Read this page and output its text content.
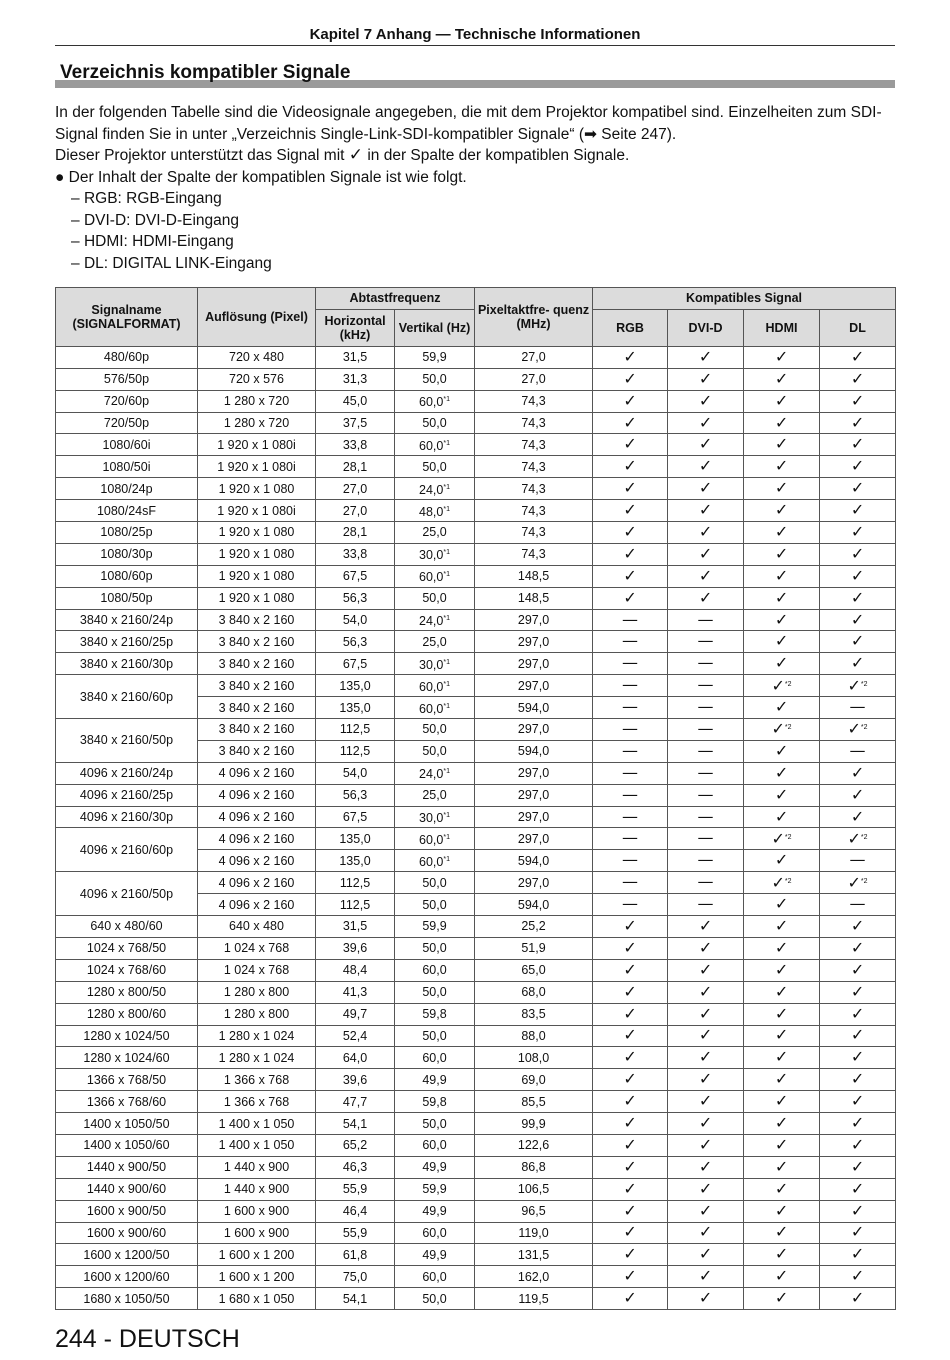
Kapitel 7 Anhang — Technische Informationen
Verzeichnis kompatibler Signale

In der folgenden Tabelle sind die Videosignale angegeben, die mit dem Projektor kompatibel sind. Einzelheiten zum SDI-Signal finden Sie in unter „Verzeichnis Single-Link-SDI-kompatibler Signale“ (➡ Seite 247).

Dieser Projektor unterstützt das Signal mit ✓ in der Spalte der kompatiblen Signale.

● Der Inhalt der Spalte der kompatiblen Signale ist wie folgt.

– RGB: RGB-Eingang

– DVI-D: DVI-D-Eingang

– HDMI: HDMI-Eingang

– DL: DIGITAL LINK-Eingang

Signalname (SIGNALFORMAT)	Auflösung (Pixel)	Abtastfrequenz		Pixeltaktfre- quenz (MHz)	Kompatibles Signal			
		Horizontal (kHz)	Vertikal (Hz)		RGB	DVI-D	HDMI	DL
480/60p	720 x 480	31,5	59,9	27,0	✓	✓	✓	✓
576/50p	720 x 576	31,3	50,0	27,0	✓	✓	✓	✓
720/60p	1 280 x 720	45,0	60,0$^{*1}$	74,3	✓	✓	✓	✓
720/50p	1 280 x 720	37,5	50,0	74,3	✓	✓	✓	✓
1080/60i	1 920 x 1 080i	33,8	60,0$^{*1}$	74,3	✓	✓	✓	✓
1080/50i	1 920 x 1 080i	28,1	50,0	74,3	✓	✓	✓	✓
1080/24p	1 920 x 1 080	27,0	24,0$^{*1}$	74,3	✓	✓	✓	✓
1080/24sF	1 920 x 1 080i	27,0	48,0$^{*1}$	74,3	✓	✓	✓	✓
1080/25p	1 920 x 1 080	28,1	25,0	74,3	✓	✓	✓	✓
1080/30p	1 920 x 1 080	33,8	30,0$^{*1}$	74,3	✓	✓	✓	✓
1080/60p	1 920 x 1 080	67,5	60,0$^{*1}$	148,5	✓	✓	✓	✓
1080/50p	1 920 x 1 080	56,3	50,0	148,5	✓	✓	✓	✓
3840 x 2160/24p	3 840 x 2 160	54,0	24,0$^{*1}$	297,0	—	—	✓	✓
3840 x 2160/25p	3 840 x 2 160	56,3	25,0	297,0	—	—	✓	✓
3840 x 2160/30p	3 840 x 2 160	67,5	30,0$^{*1}$	297,0	—	—	✓	✓
3840 x 2160/60p	3 840 x 2 160	135,0	60,0$^{*1}$	297,0	—	—	✓$^{*2}$	✓$^{*2}$
	3 840 x 2 160	135,0	60,0$^{*1}$	594,0	—	—	✓	—
3840 x 2160/50p	3 840 x 2 160	112,5	50,0	297,0	—	—	✓$^{*2}$	✓$^{*2}$
	3 840 x 2 160	112,5	50,0	594,0	—	—	✓	—
4096 x 2160/24p	4 096 x 2 160	54,0	24,0$^{*1}$	297,0	—	—	✓	✓
4096 x 2160/25p	4 096 x 2 160	56,3	25,0	297,0	—	—	✓	✓
4096 x 2160/30p	4 096 x 2 160	67,5	30,0$^{*1}$	297,0	—	—	✓	✓
4096 x 2160/60p	4 096 x 2 160	135,0	60,0$^{*1}$	297,0	—	—	✓$^{*2}$	✓$^{*2}$
	4 096 x 2 160	135,0	60,0$^{*1}$	594,0	—	—	✓	—
4096 x 2160/50p	4 096 x 2 160	112,5	50,0	297,0	—	—	✓$^{*2}$	✓$^{*2}$
	4 096 x 2 160	112,5	50,0	594,0	—	—	✓	—
640 x 480/60	640 x 480	31,5	59,9	25,2	✓	✓	✓	✓
1024 x 768/50	1 024 x 768	39,6	50,0	51,9	✓	✓	✓	✓
1024 x 768/60	1 024 x 768	48,4	60,0	65,0	✓	✓	✓	✓
1280 x 800/50	1 280 x 800	41,3	50,0	68,0	✓	✓	✓	✓
1280 x 800/60	1 280 x 800	49,7	59,8	83,5	✓	✓	✓	✓
1280 x 1024/50	1 280 x 1 024	52,4	50,0	88,0	✓	✓	✓	✓
1280 x 1024/60	1 280 x 1 024	64,0	60,0	108,0	✓	✓	✓	✓
1366 x 768/50	1 366 x 768	39,6	49,9	69,0	✓	✓	✓	✓
1366 x 768/60	1 366 x 768	47,7	59,8	85,5	✓	✓	✓	✓
1400 x 1050/50	1 400 x 1 050	54,1	50,0	99,9	✓	✓	✓	✓
1400 x 1050/60	1 400 x 1 050	65,2	60,0	122,6	✓	✓	✓	✓
1440 x 900/50	1 440 x 900	46,3	49,9	86,8	✓	✓	✓	✓
1440 x 900/60	1 440 x 900	55,9	59,9	106,5	✓	✓	✓	✓
1600 x 900/50	1 600 x 900	46,4	49,9	96,5	✓	✓	✓	✓
1600 x 900/60	1 600 x 900	55,9	60,0	119,0	✓	✓	✓	✓
1600 x 1200/50	1 600 x 1 200	61,8	49,9	131,5	✓	✓	✓	✓
1600 x 1200/60	1 600 x 1 200	75,0	60,0	162,0	✓	✓	✓	✓
1680 x 1050/50	1 680 x 1 050	54,1	50,0	119,5	✓	✓	✓	✓
244 - DEUTSCH
